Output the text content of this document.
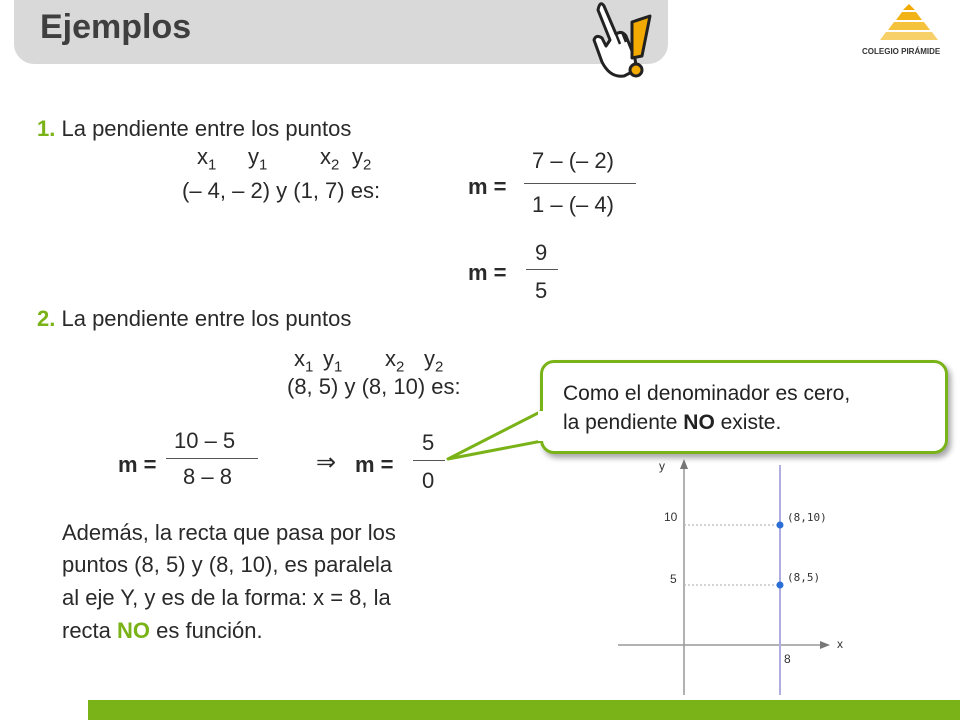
Ejemplos
COLEGIO PIRÁMIDE
1. La pendiente entre los puntos
$x_1$ $y_1$ $x_2$ $y_2$
(– 4, – 2) y (1, 7) es:	m =
7 – (– 2)
1 – (– 4)
m =
9
5
2. La pendiente entre los puntos
$x_1$ $y_1$ $x_2$ $y_2$
(8, 5) y (8, 10) es:
m =
10 – 5
8 – 8
⇒ m =
5
0
Además, la recta que pasa por los
puntos (8, 5) y (8, 10), es paralela
al eje Y, y es de la forma: x = 8, la
recta NO es función.
Como el denominador es cero,
la pendiente NO existe.
y
x
10
5
8
(8,10)
(8,5)
